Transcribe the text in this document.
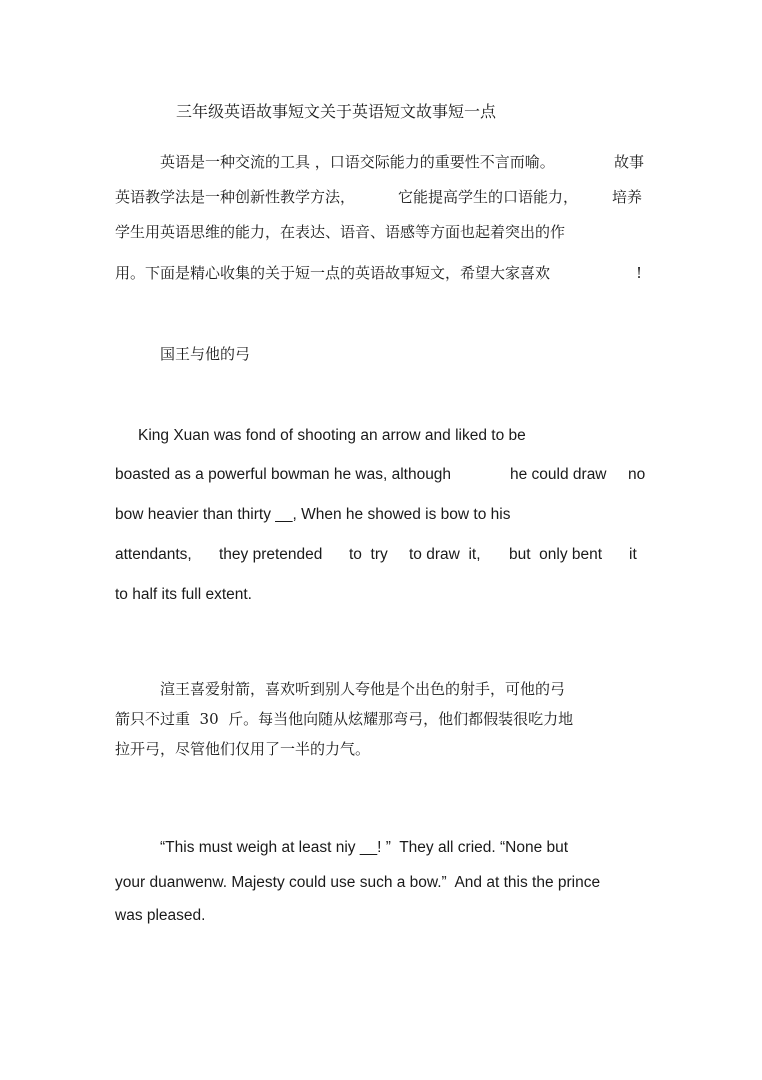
三年级英语故事短文关于英语短文故事短一点
英语是一种交流的工具 ，口语交际能力的重要性不言而喻。	故事
英语教学法是一种创新性教学方法，	它能提高学生的口语能力， 培养
学生用英语思维的能力，在表达、语音、语感等方面也起着突出的作
用。下面是精心收集的关于短一点的英语故事短文，希望大家喜欢	!
国王与他的弓
King Xuan was fond of shooting an arrow and liked to be
boasted as a powerful bowman he was, although	he could draw no
bow heavier than thirty __, When he showed is bow to his
attendants, they pretended to  try to draw  it, but  only bent it
to half its full extent.
渲王喜爱射箭，喜欢听到别人夸他是个出色的射手，可他的弓
箭只不过重  30  斤。每当他向随从炫耀那弯弓，他们都假装很吃力地
拉开弓，尽管他们仅用了一半的力气。
“This must weigh at least niy __! ”  They all cried. “None but
your duanwenw. Majesty could use such a bow.”  And at this the prince
was pleased.
